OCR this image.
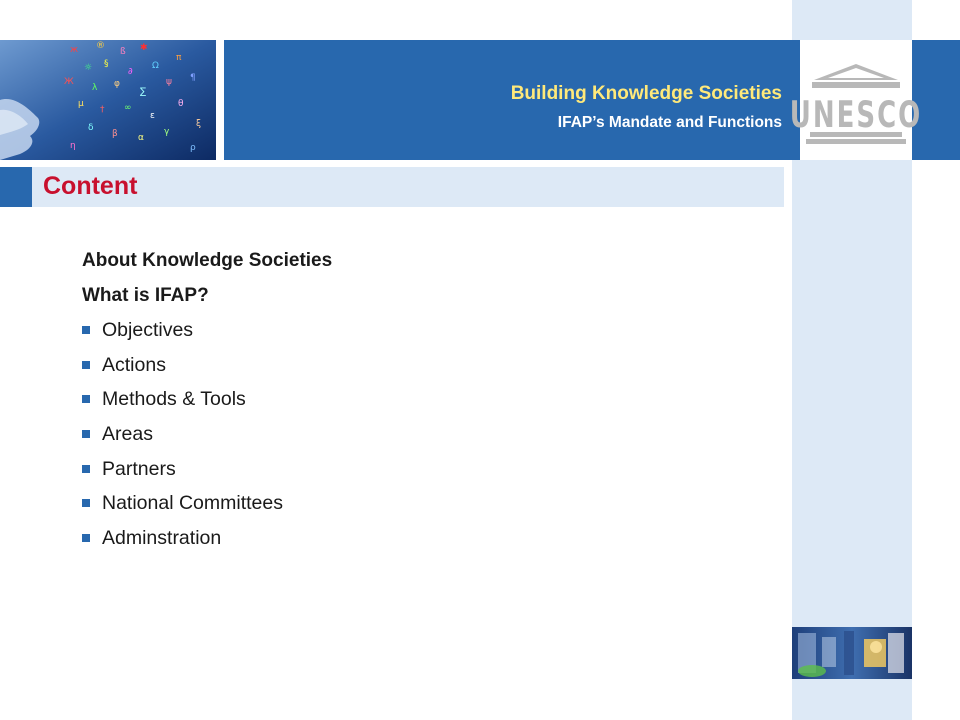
ж ®
ß ✱
☼ §
∂
Ω
π
Ж
λ φ
∑
ψ ¶
μ
† ∞
ε
θ
δ
β α
γ
ξ
η	ρ
Building Knowledge Societies
IFAP’s Mandate and Functions UNESCO
Content
About Knowledge Societies
What is IFAP?
Objectives
Actions
Methods & Tools
Areas
Partners
National Committees
Adminstration
